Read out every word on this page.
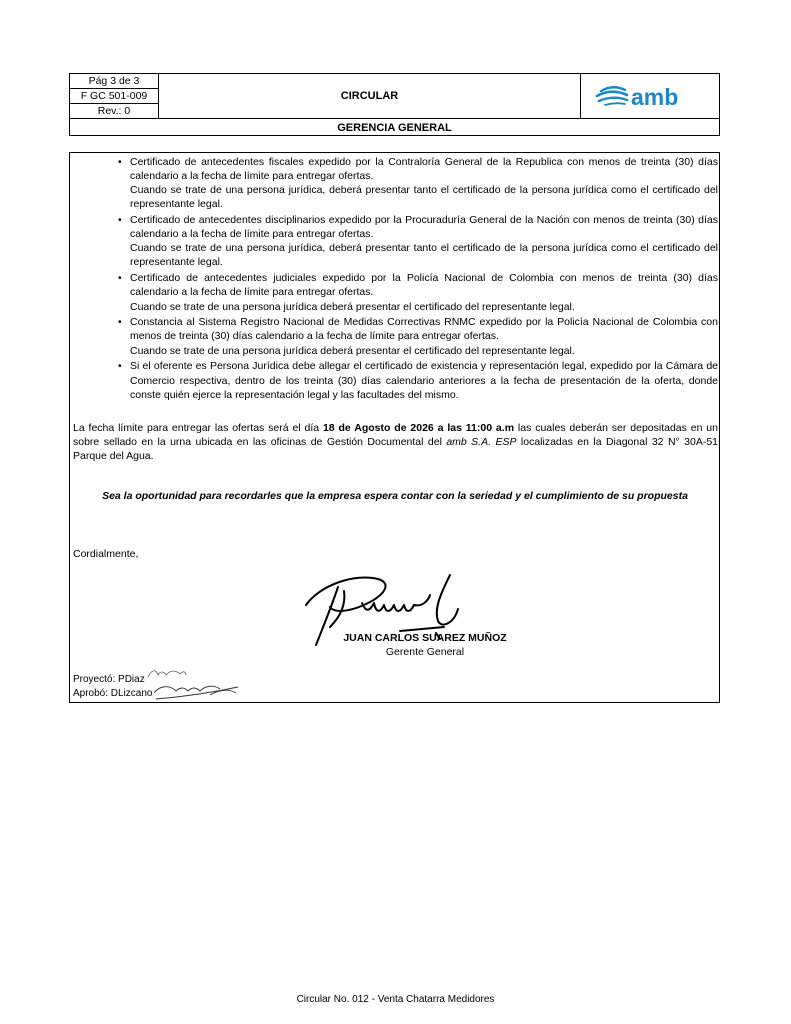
Pág 3 de 3
F GC 501-009
Rev.: 0
CIRCULAR	amb
GERENCIA GENERAL
• Certificado de antecedentes fiscales expedido por la Contraloría General de la Republica con menos de treinta (30) días calendario a la fecha de límite para entregar ofertas.

Cuando se trate de una persona jurídica, deberá presentar tanto el certificado de la persona jurídica como el certificado del representante legal.

• Certificado de antecedentes disciplinarios expedido por la Procuraduría General de la Nación con menos de treinta (30) días calendario a la fecha de límite para entregar ofertas.

Cuando se trate de una persona jurídica, deberá presentar tanto el certificado de la persona jurídica como el certificado del representante legal.

• Certificado de antecedentes judiciales expedido por la Policía Nacional de Colombia con menos de treinta (30) días calendario a la fecha de límite para entregar ofertas.

Cuando se trate de una persona jurídica deberá presentar el certificado del representante legal.

• Constancia al Sistema Registro Nacional de Medidas Correctivas RNMC expedido por la Policía Nacional de Colombia con menos de treinta (30) días calendario a la fecha de límite para entregar ofertas.

Cuando se trate de una persona jurídica deberá presentar el certificado del representante legal.

• Si el oferente es Persona Jurídica debe allegar el certificado de existencia y representación legal, expedido por la Cámara de Comercio respectiva, dentro de los treinta (30) días calendario anteriores a la fecha de presentación de la oferta, donde conste quién ejerce la representación legal y las facultades del mismo.

La fecha límite para entregar las ofertas será el día 18 de Agosto de 2026 a las 11:00 a.m las cuales deberán ser depositadas en un sobre sellado en la urna ubicada en las oficinas de Gestión Documental del amb S.A. ESP localizadas en la Diagonal 32 N° 30A-51 Parque del Agua.

Sea la oportunidad para recordarles que la empresa espera contar con la seriedad y el cumplimiento de su propuesta

Cordialmente,
JUAN CARLOS SUAREZ MUÑOZ
Gerente General
Proyectó: PDiaz
Aprobó: DLizcano
Circular No. 012 - Venta Chatarra Medidores
